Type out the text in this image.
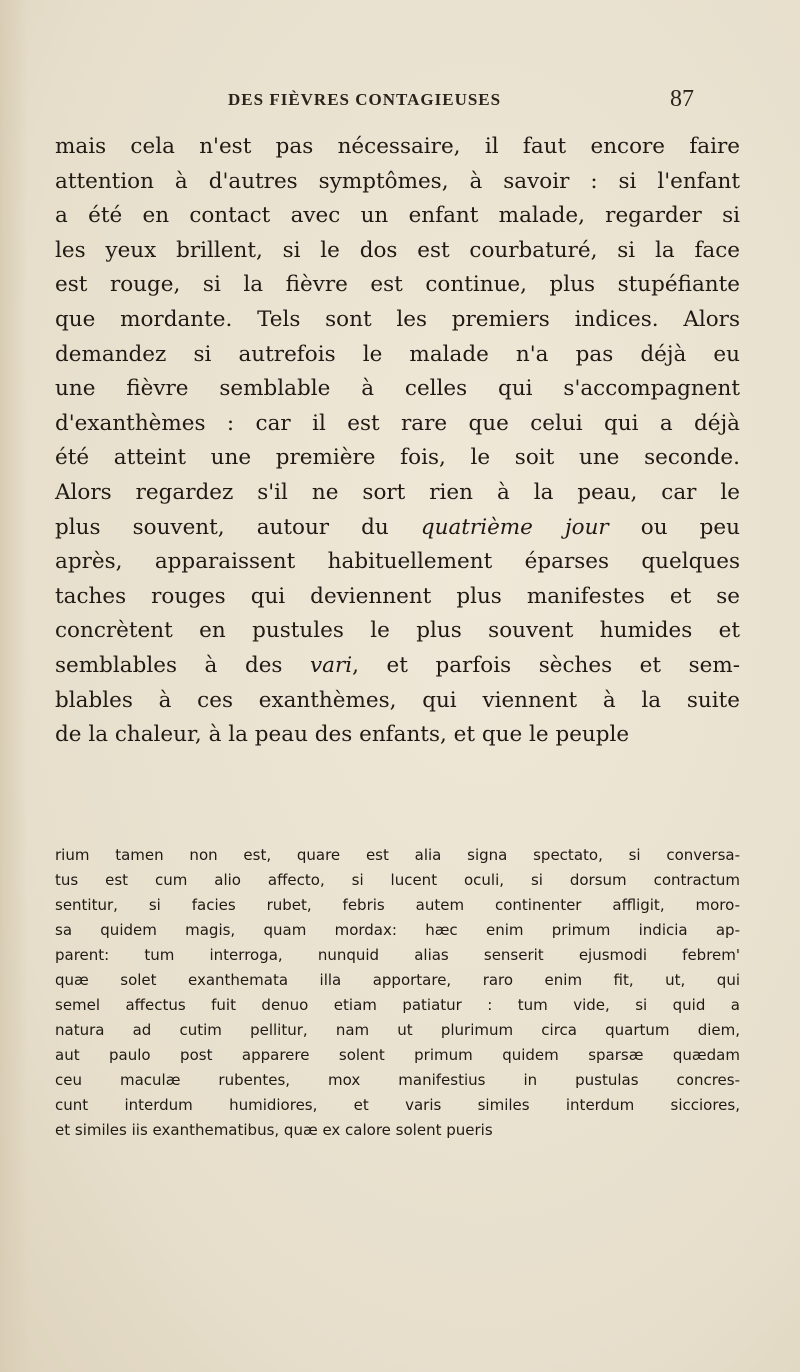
DES FIÈVRES CONTAGIEUSES	87
mais cela n'est pas nécessaire, il faut encore faire
attention à d'autres symptômes, à savoir : si l'enfant
a été en contact avec un enfant malade, regarder si
les yeux brillent, si le dos est courbaturé, si la face
est rouge, si la fièvre est continue, plus stupéfiante
que mordante. Tels sont les premiers indices. Alors
demandez si autrefois le malade n'a pas déjà eu
une fièvre semblable à celles qui s'accompagnent
d'exanthèmes : car il est rare que celui qui a déjà
été atteint une première fois, le soit une seconde.
Alors regardez s'il ne sort rien à la peau, car le
plus souvent, autour du quatrième jour ou peu
après, apparaissent habituellement éparses quelques
taches rouges qui deviennent plus manifestes et se
concrètent en pustules le plus souvent humides et
semblables à des vari, et parfois sèches et sem-
blables à ces exanthèmes, qui viennent à la suite
de la chaleur, à la peau des enfants, et que le peuple
rium tamen non est, quare est alia signa spectato, si conversa-
tus est cum alio affecto, si lucent oculi, si dorsum contractum
sentitur, si facies rubet, febris autem continenter affligit, moro-
sa quidem magis, quam mordax: hæc enim primum indicia ap-
parent: tum interroga, nunquid alias senserit ejusmodi febrem'
quæ solet exanthemata illa apportare, raro enim fit, ut, qui
semel affectus fuit denuo etiam patiatur : tum vide, si quid a
natura ad cutim pellitur, nam ut plurimum circa quartum diem,
aut paulo post apparere solent primum quidem sparsæ quædam
ceu maculæ rubentes, mox manifestius in pustulas concres-
cunt interdum humidiores, et varis similes interdum sicciores,
et similes iis exanthematibus, quæ ex calore solent pueris
